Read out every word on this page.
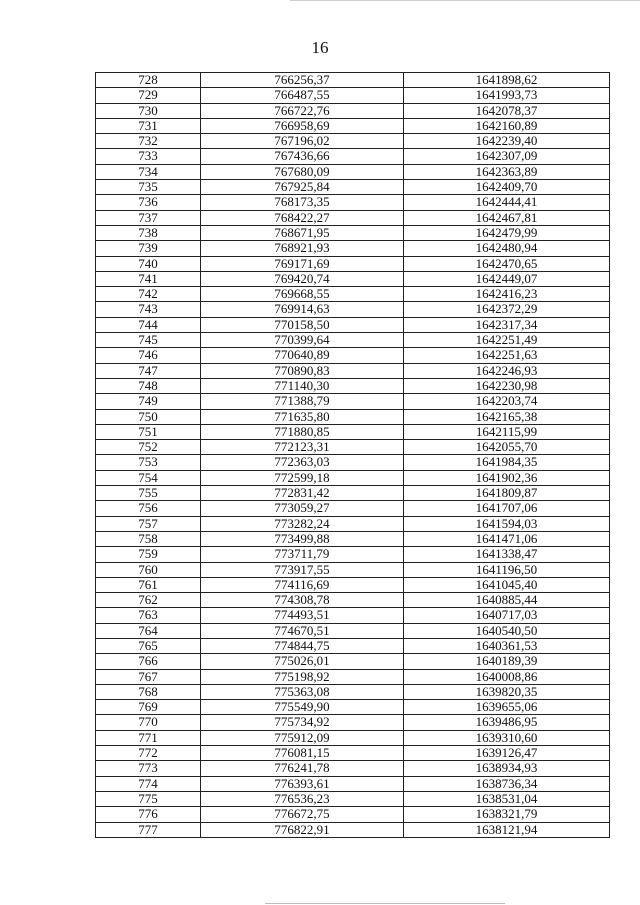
16
728	766256,37	1641898,62
729	766487,55	1641993,73
730	766722,76	1642078,37
731	766958,69	1642160,89
732	767196,02	1642239,40
733	767436,66	1642307,09
734	767680,09	1642363,89
735	767925,84	1642409,70
736	768173,35	1642444,41
737	768422,27	1642467,81
738	768671,95	1642479,99
739	768921,93	1642480,94
740	769171,69	1642470,65
741	769420,74	1642449,07
742	769668,55	1642416,23
743	769914,63	1642372,29
744	770158,50	1642317,34
745	770399,64	1642251,49
746	770640,89	1642251,63
747	770890,83	1642246,93
748	771140,30	1642230,98
749	771388,79	1642203,74
750	771635,80	1642165,38
751	771880,85	1642115,99
752	772123,31	1642055,70
753	772363,03	1641984,35
754	772599,18	1641902,36
755	772831,42	1641809,87
756	773059,27	1641707,06
757	773282,24	1641594,03
758	773499,88	1641471,06
759	773711,79	1641338,47
760	773917,55	1641196,50
761	774116,69	1641045,40
762	774308,78	1640885,44
763	774493,51	1640717,03
764	774670,51	1640540,50
765	774844,75	1640361,53
766	775026,01	1640189,39
767	775198,92	1640008,86
768	775363,08	1639820,35
769	775549,90	1639655,06
770	775734,92	1639486,95
771	775912,09	1639310,60
772	776081,15	1639126,47
773	776241,78	1638934,93
774	776393,61	1638736,34
775	776536,23	1638531,04
776	776672,75	1638321,79
777	776822,91	1638121,94
